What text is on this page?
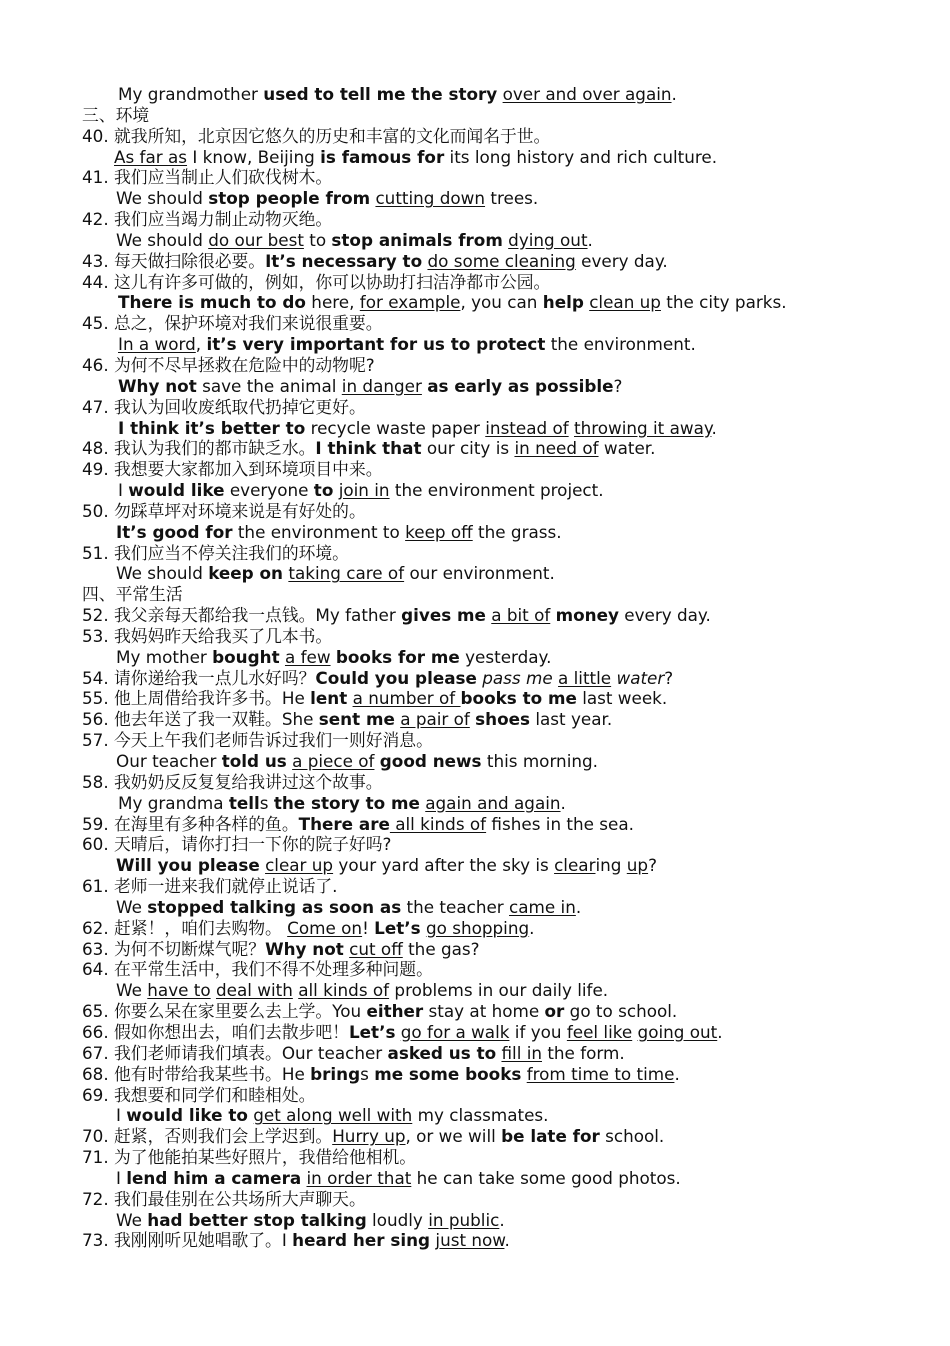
My grandmother used to tell me the story over and over again.
三、环境
40. 就我所知，北京因它悠久的历史和丰富的文化而闻名于世。
As far as I know, Beijing is famous for its long history and rich culture.
41. 我们应当制止人们砍伐树木。
We should stop people from cutting down trees.
42. 我们应当竭力制止动物灭绝。
We should do our best to stop animals from dying out.
43. 每天做扫除很必要。It’s necessary to do some cleaning every day.
44. 这儿有许多可做的，例如，你可以协助打扫洁净都市公园。
There is much to do here, for example, you can help clean up the city parks.
45. 总之，保护环境对我们来说很重要。
In a word, it’s very important for us to protect the environment.
46. 为何不尽早拯救在危险中的动物呢?
Why not save the animal in danger as early as possible?
47. 我认为回收废纸取代扔掉它更好。
I think it’s better to recycle waste paper instead of throwing it away.
48. 我认为我们的都市缺乏水。I think that our city is in need of water.
49. 我想要大家都加入到环境项目中来。
I would like everyone to join in the environment project.
50. 勿踩草坪对环境来说是有好处的。
It’s good for the environment to keep off the grass.
51. 我们应当不停关注我们的环境。
We should keep on taking care of our environment.
四、平常生活
52. 我父亲每天都给我一点钱。My father gives me a bit of money every day.
53. 我妈妈昨天给我买了几本书。
My mother bought a few books for me yesterday.
54. 请你递给我一点儿水好吗？Could you please pass me a little water?
55. 他上周借给我许多书。He lent a number of books to me last week.
56. 他去年送了我一双鞋。She sent me a pair of shoes last year.
57. 今天上午我们老师告诉过我们一则好消息。
Our teacher told us a piece of good news this morning.
58. 我奶奶反反复复给我讲过这个故事。
My grandma tells the story to me again and again.
59. 在海里有多种各样的鱼。There are all kinds of fishes in the sea.
60. 天晴后，请你打扫一下你的院子好吗?
Will you please clear up your yard after the sky is clearing up?
61. 老师一进来我们就停止说话了.
We stopped talking as soon as the teacher came in.
62. 赶紧！，咱们去购物。 Come on! Let’s go shopping.
63. 为何不切断煤气呢？Why not cut off the gas?
64. 在平常生活中，我们不得不处理多种问题。
We have to deal with all kinds of problems in our daily life.
65. 你要么呆在家里要么去上学。You either stay at home or go to school.
66. 假如你想出去，咱们去散步吧！Let’s go for a walk if you feel like going out.
67. 我们老师请我们填表。Our teacher asked us to fill in the form.
68. 他有时带给我某些书。He brings me some books from time to time.
69. 我想要和同学们和睦相处。
I would like to get along well with my classmates.
70. 赶紧，否则我们会上学迟到。Hurry up, or we will be late for school.
71. 为了他能拍某些好照片，我借给他相机。
I lend him a camera in order that he can take some good photos.
72. 我们最佳别在公共场所大声聊天。
We had better stop talking loudly in public.
73. 我刚刚听见她唱歌了。I heard her sing just now.
